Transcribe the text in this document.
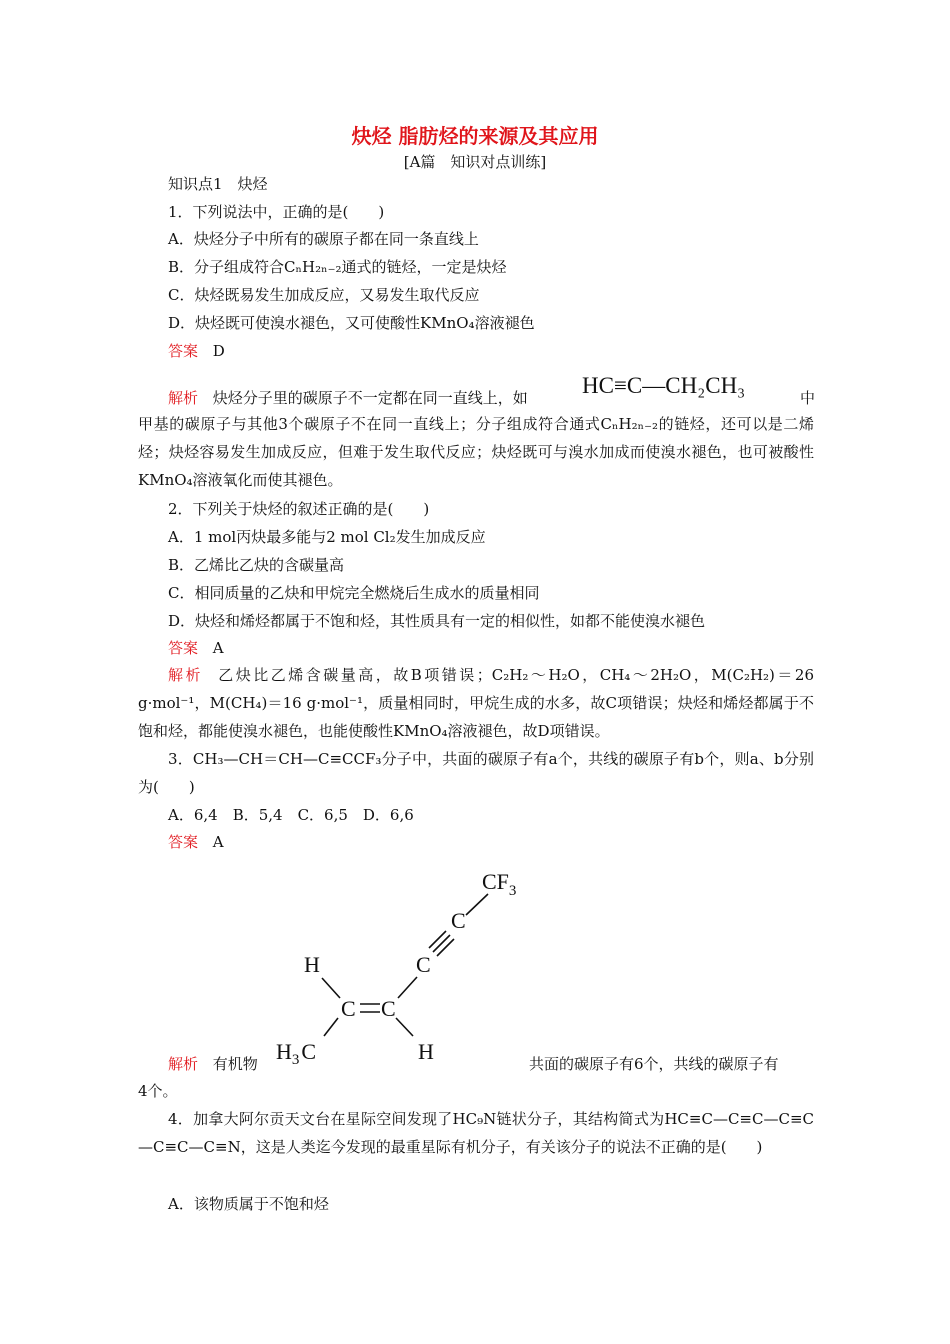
炔烃 脂肪烃的来源及其应用
[A篇　知识对点训练]
知识点1　炔烃
1．下列说法中，正确的是(　　)
A．炔烃分子中所有的碳原子都在同一条直线上
B．分子组成符合CₙH₂ₙ₋₂通式的链烃，一定是炔烃
C．炔烃既易发生加成反应，又易发生取代反应
D．炔烃既可使溴水褪色，又可使酸性KMnO₄溶液褪色
答案 D
解析 炔烃分子里的碳原子不一定都在同一直线上，如 HC≡C—CH₂CH₃	中
甲基的碳原子与其他3个碳原子不在同一直线上；分子组成符合通式CₙH₂ₙ₋₂的链烃，还可以是二烯烃；炔烃容易发生加成反应，但难于发生取代反应；炔烃既可与溴水加成而使溴水褪色，也可被酸性KMnO₄溶液氧化而使其褪色。
2．下列关于炔烃的叙述正确的是(　　)
A．1 mol丙炔最多能与2 mol Cl₂发生加成反应
B．乙烯比乙炔的含碳量高
C．相同质量的乙炔和甲烷完全燃烧后生成水的质量相同
D．炔烃和烯烃都属于不饱和烃，其性质具有一定的相似性，如都不能使溴水褪色
答案 A
解析 乙炔比乙烯含碳量高，故B项错误；C₂H₂～H₂O，CH₄～2H₂O，M(C₂H₂)＝26 g·mol⁻¹，M(CH₄)＝16 g·mol⁻¹，质量相同时，甲烷生成的水多，故C项错误；炔烃和烯烃都属于不饱和烃，都能使溴水褪色，也能使酸性KMnO₄溶液褪色，故D项错误。
3．CH₃—CH＝CH—C≡CCF₃分子中，共面的碳原子有a个，共线的碳原子有b个，则a、b分别为(　　)
A．6,4　B．5,4　C．6,5　D．6,6
答案 A
$CF_3$
C
C
C C
H
H
$H_3C$
解析 有机物	共面的碳原子有6个，共线的碳原子有
4个。
4．加拿大阿尔贡天文台在星际空间发现了HC₉N链状分子，其结构简式为HC≡C—C≡C—C≡C—C≡C—C≡N，这是人类迄今发现的最重星际有机分子，有关该分子的说法不正确的是(　　)
A．该物质属于不饱和烃
